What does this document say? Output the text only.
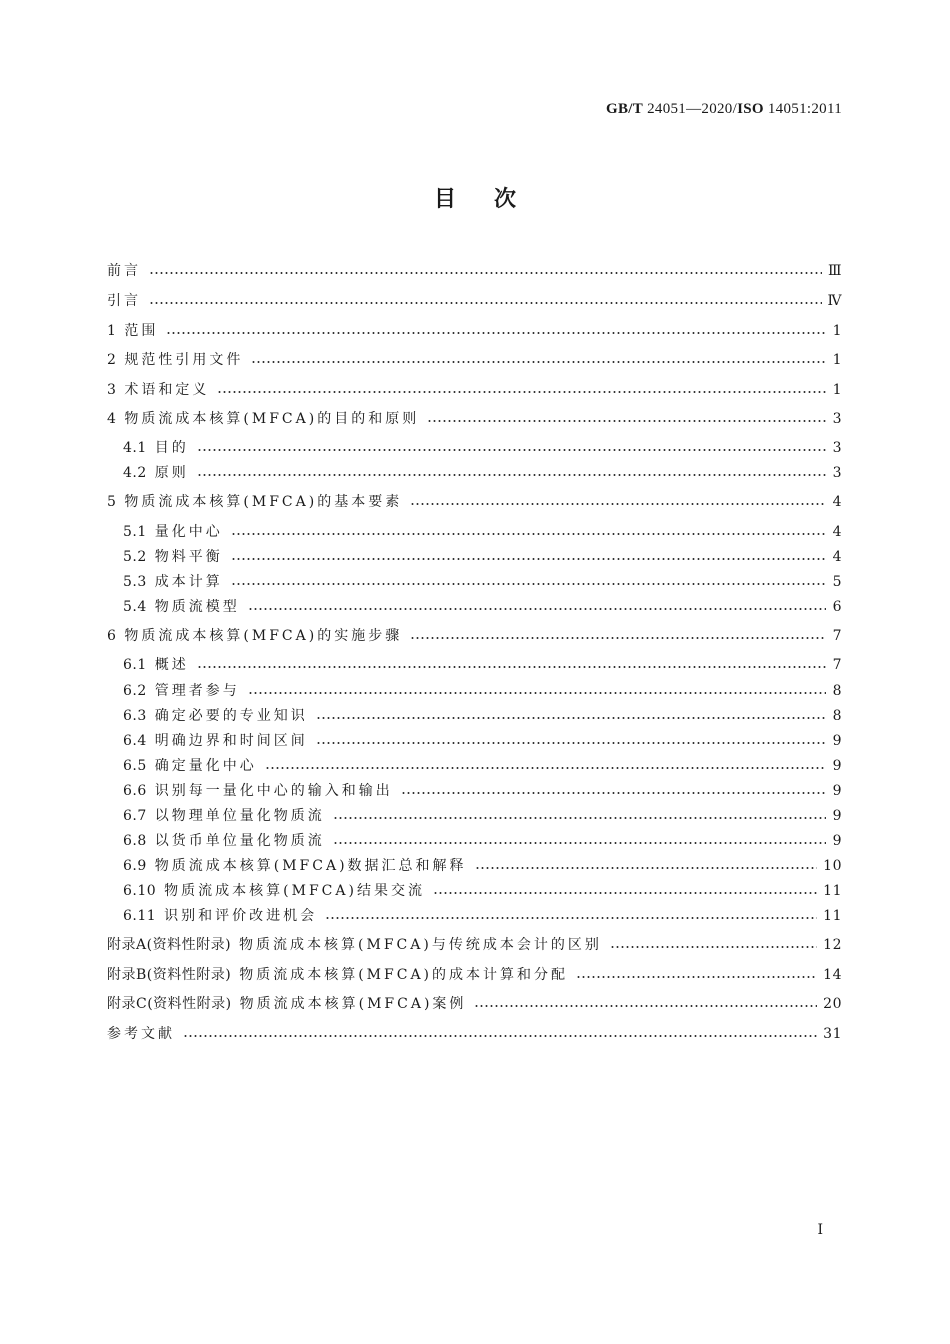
GB/T 24051—2020/ISO 14051:2011
目次
前言	Ⅲ
引言	Ⅳ
1 范围	1
2 规范性引用文件	1
3 术语和定义	1
4 物质流成本核算(MFCA)的目的和原则	3
4.1 目的	3
4.2 原则	3
5 物质流成本核算(MFCA)的基本要素	4
5.1 量化中心	4
5.2 物料平衡	4
5.3 成本计算	5
5.4 物质流模型	6
6 物质流成本核算(MFCA)的实施步骤	7
6.1 概述	7
6.2 管理者参与	8
6.3 确定必要的专业知识	8
6.4 明确边界和时间区间	9
6.5 确定量化中心	9
6.6 识别每一量化中心的输入和输出	9
6.7 以物理单位量化物质流	9
6.8 以货币单位量化物质流	9
6.9 物质流成本核算(MFCA)数据汇总和解释	10
6.10 物质流成本核算(MFCA)结果交流	11
6.11 识别和评价改进机会	11
附录A(资料性附录) 物质流成本核算(MFCA)与传统成本会计的区别	12
附录B(资料性附录) 物质流成本核算(MFCA)的成本计算和分配	14
附录C(资料性附录) 物质流成本核算(MFCA)案例	20
参考文献	31
Ⅰ
